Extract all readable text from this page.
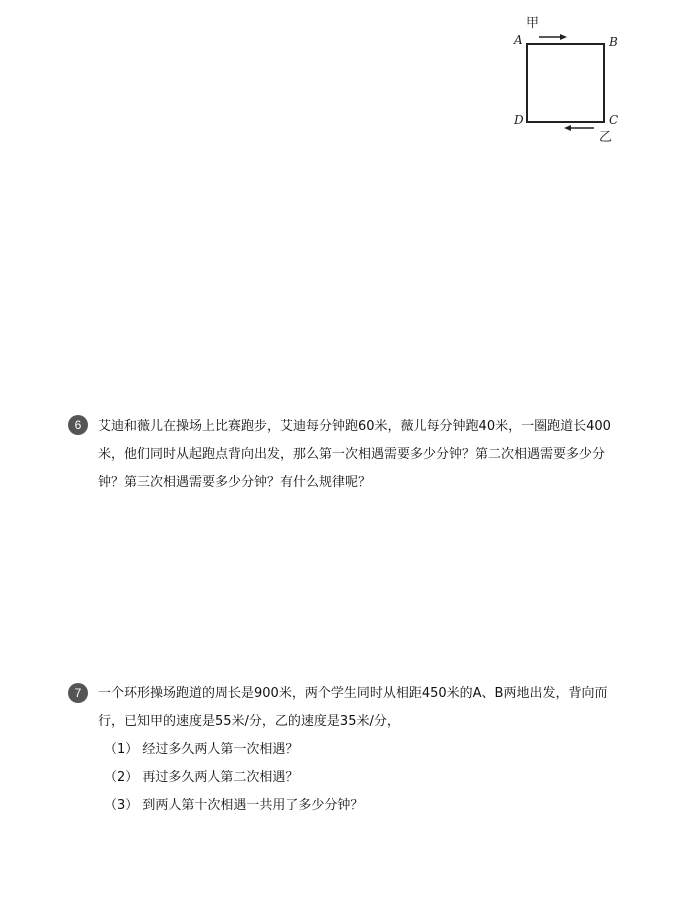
甲
A	B
C
D
乙
6	艾迪和薇儿在操场上比赛跑步，艾迪每分钟跑60米，薇儿每分钟跑40米，一圈跑道长400
米，他们同时从起跑点背向出发，那么第一次相遇需要多少分钟？第二次相遇需要多少分
钟？第三次相遇需要多少分钟？有什么规律呢？
7	一个环形操场跑道的周长是900米，两个学生同时从相距450米的A、B两地出发，背向而
行，已知甲的速度是55米/分，乙的速度是35米/分，
（1） 经过多久两人第一次相遇？
（2） 再过多久两人第二次相遇？
（3） 到两人第十次相遇一共用了多少分钟？
